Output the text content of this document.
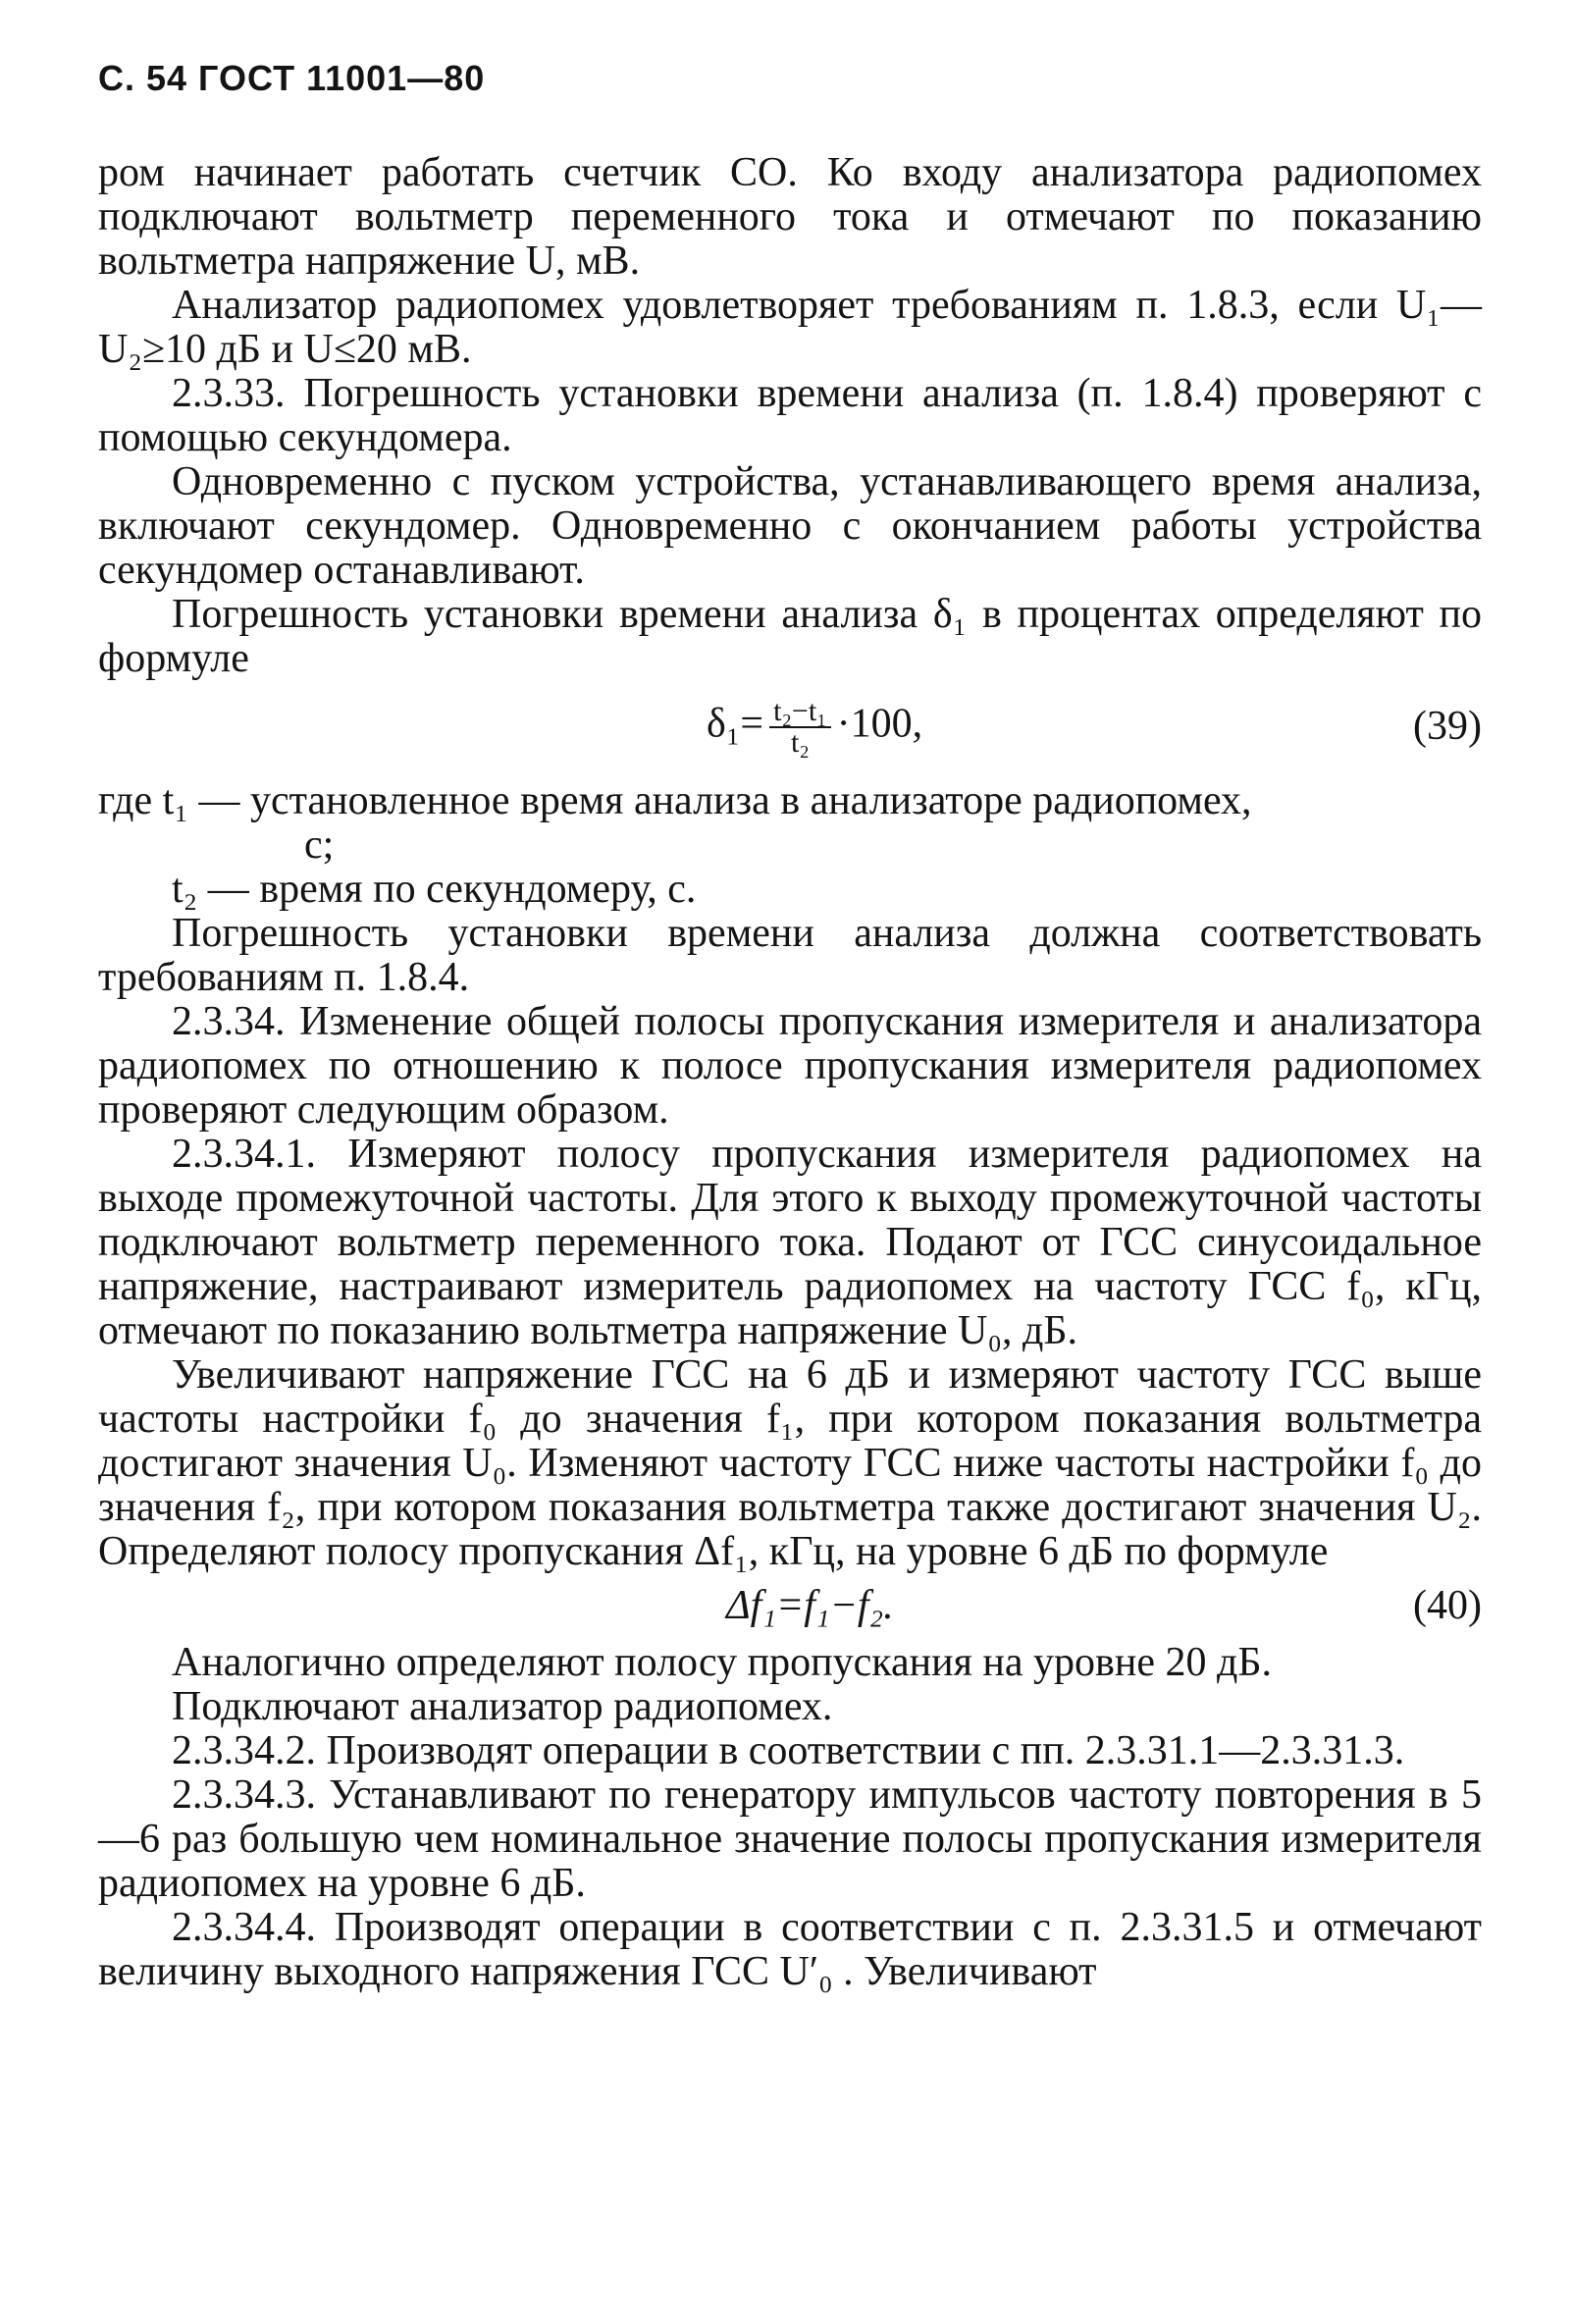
С. 54 ГОСТ 11001—80

ром начинает работать счетчик СО. Ко входу анализатора радиопомех подключают вольтметр переменного тока и отмечают по показанию вольтметра напряжение U, мВ.

Анализатор радиопомех удовлетворяет требованиям п. 1.8.3, если U₁—U₂≥10 дБ и U≤20 мВ.

2.3.33. Погрешность установки времени анализа (п. 1.8.4) проверяют с помощью секундомера.

Одновременно с пуском устройства, устанавливающего время анализа, включают секундомер. Одновременно с окончанием работы устройства секундомер останавливают.

Погрешность установки времени анализа δ₁ в процентах определяют по формуле

$\delta_1= \frac{\text{t₂−t₁}}{\text{t₂}} \cdot 100$,	(39)

где t₁ — установленное время анализа в анализаторе радиопомех,

с;

t₂ — время по секундомеру, с.

Погрешность установки времени анализа должна соответствовать требованиям п. 1.8.4.

2.3.34. Изменение общей полосы пропускания измерителя и анализатора радиопомех по отношению к полосе пропускания измерителя радиопомех проверяют следующим образом.

2.3.34.1. Измеряют полосу пропускания измерителя радиопомех на выходе промежуточной частоты. Для этого к выходу промежуточной частоты подключают вольтметр переменного тока. Подают от ГСС синусоидальное напряжение, настраивают измеритель радиопомех на частоту ГСС f₀, кГц, отмечают по показанию вольтметра напряжение U₀, дБ.

Увеличивают напряжение ГСС на 6 дБ и измеряют частоту ГСС выше частоты настройки f₀ до значения f₁, при котором показания вольтметра достигают значения U₀. Изменяют частоту ГСС ниже частоты настройки f₀ до значения f₂, при котором показания вольтметра также достигают значения U₂. Определяют полосу пропускания Δf₁, кГц, на уровне 6 дБ по формуле

Δf₁=f₁−f₂.	(40)

Аналогично определяют полосу пропускания на уровне 20 дБ.

Подключают анализатор радиопомех.

2.3.34.2. Производят операции в соответствии с пп. 2.3.31.1—2.3.31.3.

2.3.34.3. Устанавливают по генератору импульсов частоту повторения в 5—6 раз большую чем номинальное значение полосы пропускания измерителя радиопомех на уровне 6 дБ.

2.3.34.4. Производят операции в соответствии с п. 2.3.31.5 и отмечают величину выходного напряжения ГСС U′₀ . Увеличивают
